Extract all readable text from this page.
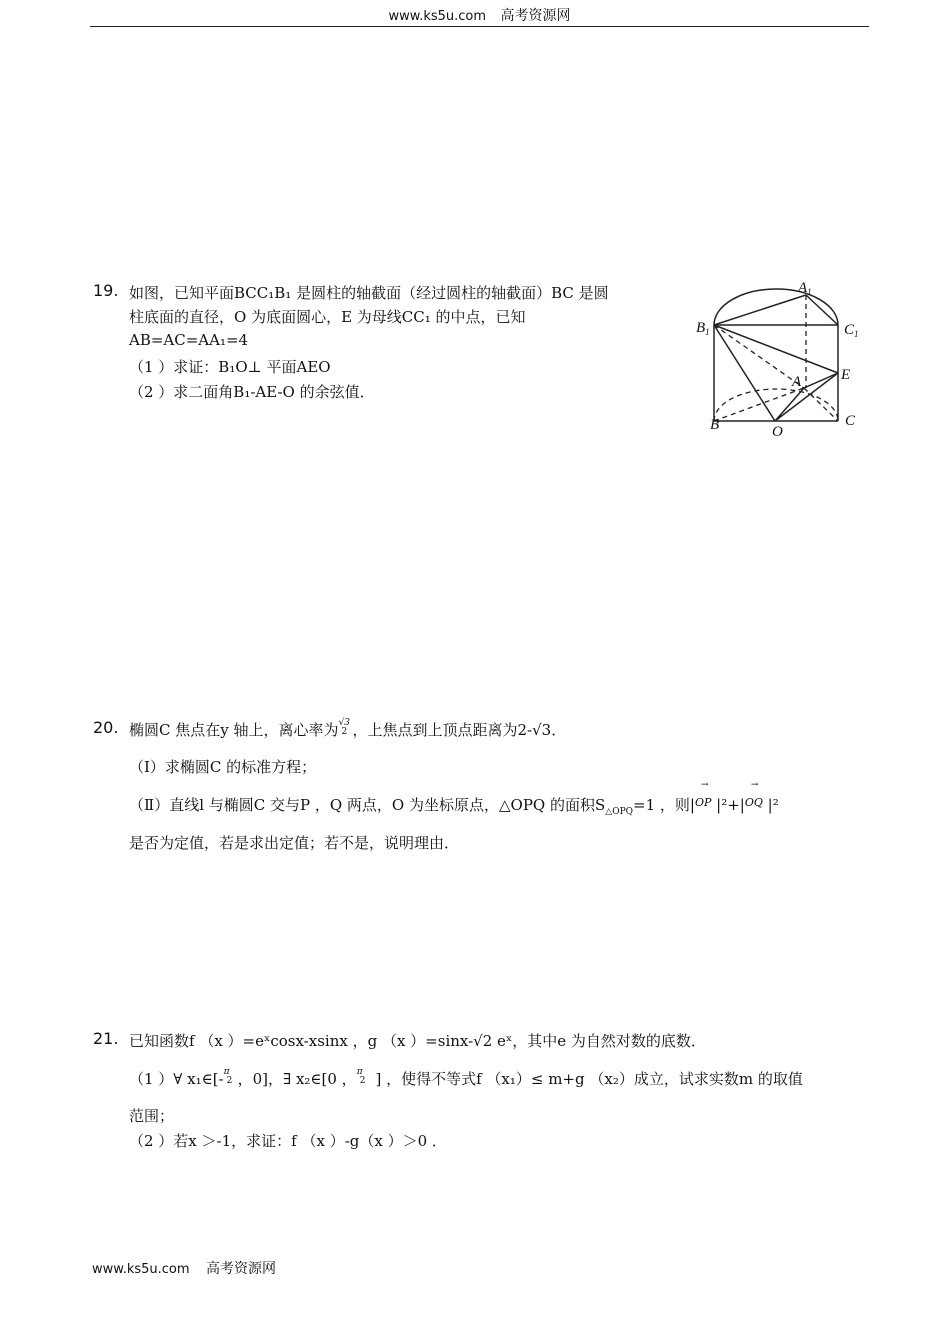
www.ks5u.com 高考资源网
19. 如图，已知平面BCC₁B₁ 是圆柱的轴截面（经过圆柱的轴截面）BC 是圆
柱底面的直径，O 为底面圆心，E 为母线CC₁ 的中点，已知
AB=AC=AA₁=4
（1 ）求证：B₁O⊥ 平面AEO
（2 ）求二面角B₁-AE-O 的余弦值．
$A_1$
$B_1$	$C_1$
A	E
B	O
C
20. 椭圆C 焦点在y 轴上，离心率为 √3
2 ，上焦点到上顶点距离为2-√3．
（Ⅰ）求椭圆C 的标准方程；
（Ⅱ）直线l 与椭圆C 交与P ，Q 两点，O 为坐标原点，△OPQ 的面积$S_{\triangle OPQ}=1$ ，则|
$^{\to OP}$ |²+|
$^{\to OQ}$ |²
是否为定值，若是求出定值；若不是，说明理由．
21. 已知函数f （x ）=eˣcosx-xsinx ，g （x ）=sinx-√2 eˣ，其中e 为自然对数的底数．
（1 ）∀ x₁∈[- π
2 ，0]，∃ x₂∈[0 ， π
2 ] ，使得不等式f （x₁）≤ m+g （x₂）成立，试求实数m 的取值
范围；
（2 ）若x ＞-1，求证：f （x ）-g（x ）＞0 ．
www.ks5u.com 高考资源网
